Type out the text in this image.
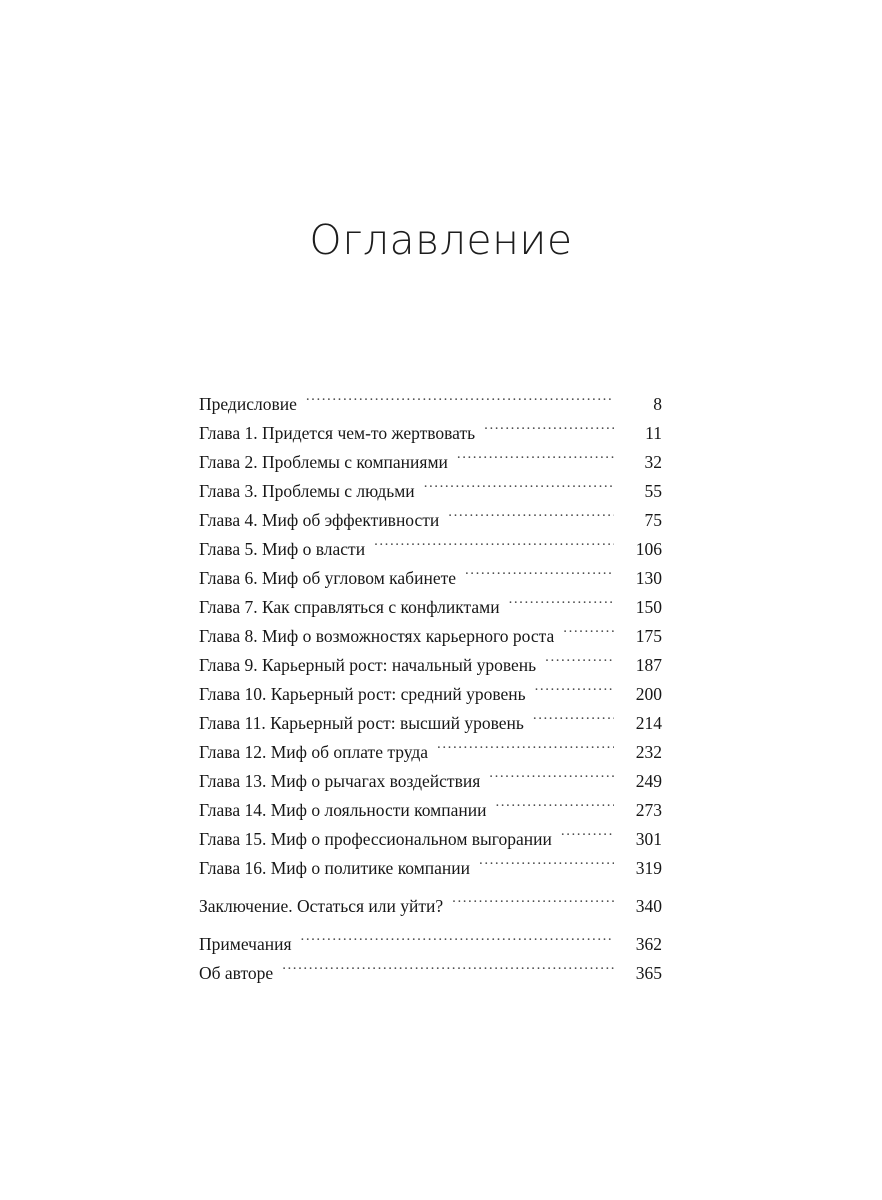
Оглавление
Предисловие .....	8
Глава 1. Придется чем-то жертвовать .....	11
Глава 2. Проблемы с компаниями .....	32
Глава 3. Проблемы с людьми .....	55
Глава 4. Миф об эффективности .....	75
Глава 5. Миф о власти .....	106
Глава 6. Миф об угловом кабинете .....	130
Глава 7. Как справляться с конфликтами .....	150
Глава 8. Миф о возможностях карьерного роста .....	175
Глава 9. Карьерный рост: начальный уровень .....	187
Глава 10. Карьерный рост: средний уровень .....	200
Глава 11. Карьерный рост: высший уровень .....	214
Глава 12. Миф об оплате труда .....	232
Глава 13. Миф о рычагах воздействия .....	249
Глава 14. Миф о лояльности компании .....	273
Глава 15. Миф о профессиональном выгорании .....	301
Глава 16. Миф о политике компании .....	319
Заключение. Остаться или уйти? .....	340
Примечания .....	362
Об авторе .....	365
